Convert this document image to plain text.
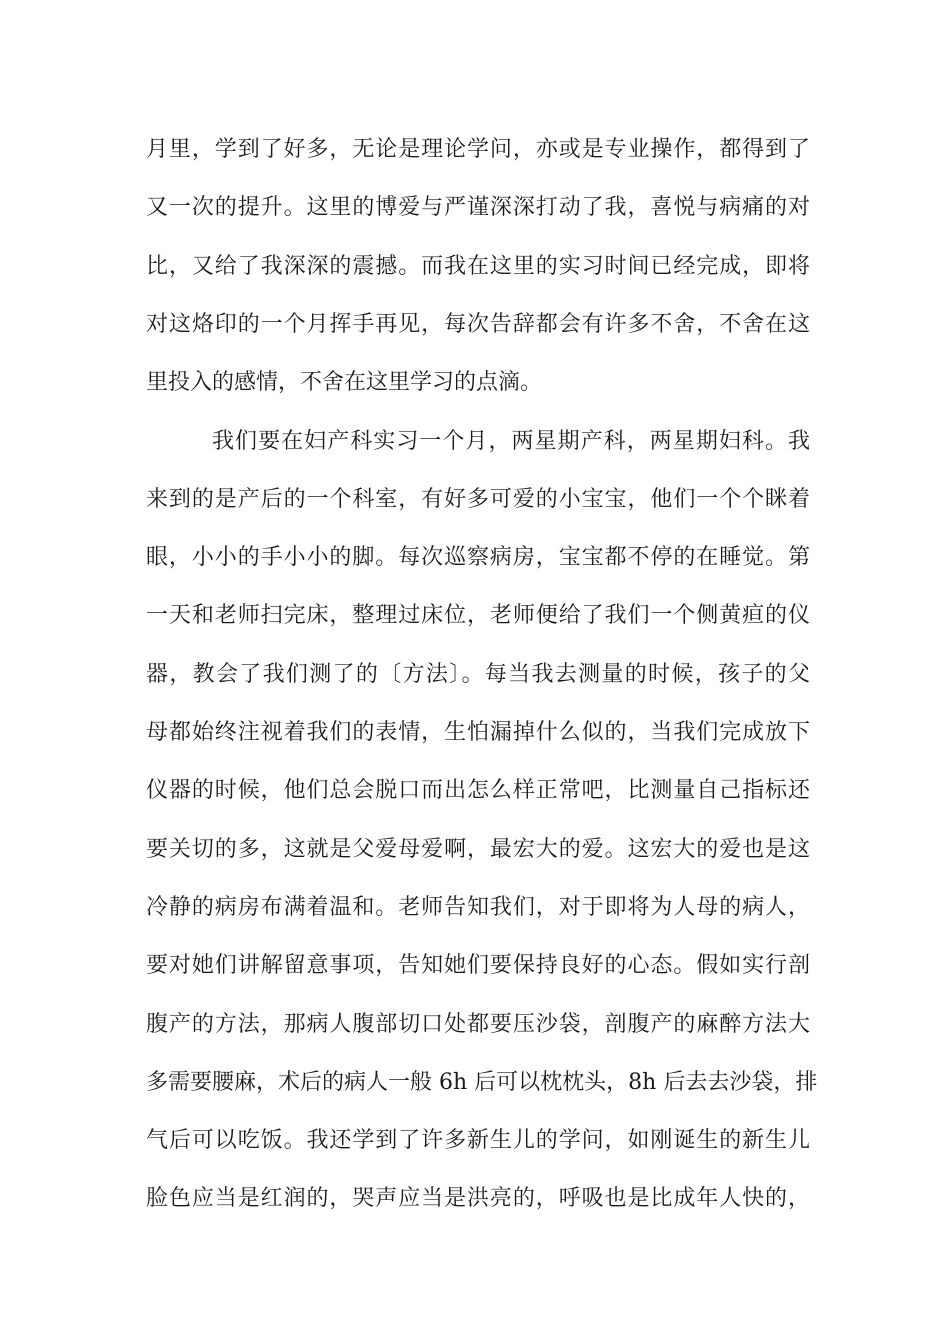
月里，学到了好多，无论是理论学问，亦或是专业操作，都得到了
又一次的提升。这里的博爱与严谨深深打动了我，喜悦与病痛的对
比，又给了我深深的震撼。而我在这里的实习时间已经完成，即将
对这烙印的一个月挥手再见，每次告辞都会有许多不舍，不舍在这
里投入的感情，不舍在这里学习的点滴。
我们要在妇产科实习一个月，两星期产科，两星期妇科。我
来到的是产后的一个科室，有好多可爱的小宝宝，他们一个个眯着
眼，小小的手小小的脚。每次巡察病房，宝宝都不停的在睡觉。第
一天和老师扫完床，整理过床位，老师便给了我们一个侧黄疸的仪
器，教会了我们测了的〔方法〕。每当我去测量的时候，孩子的父
母都始终注视着我们的表情，生怕漏掉什么似的，当我们完成放下
仪器的时候，他们总会脱口而出怎么样正常吧，比测量自己指标还
要关切的多，这就是父爱母爱啊，最宏大的爱。这宏大的爱也是这
冷静的病房布满着温和。老师告知我们，对于即将为人母的病人，
要对她们讲解留意事项，告知她们要保持良好的心态。假如实行剖
腹产的方法，那病人腹部切口处都要压沙袋，剖腹产的麻醉方法大
多需要腰麻，术后的病人一般 6h 后可以枕枕头，8h 后去去沙袋，排
气后可以吃饭。我还学到了许多新生儿的学问，如刚诞生的新生儿
脸色应当是红润的，哭声应当是洪亮的，呼吸也是比成年人快的，
